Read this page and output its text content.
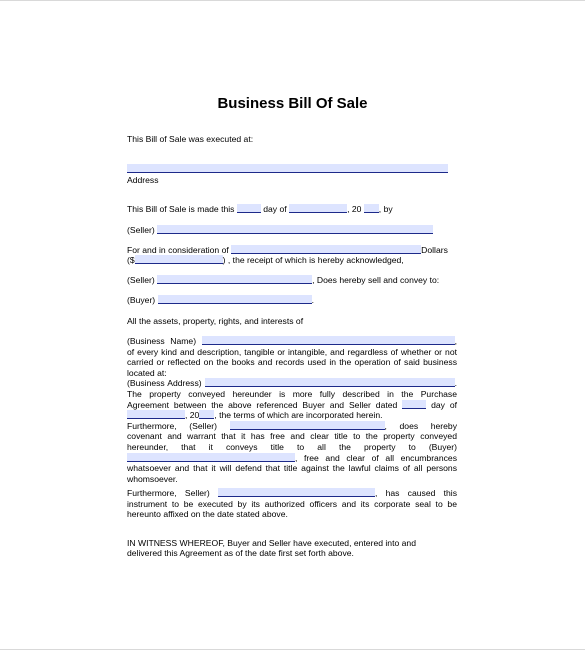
Business Bill Of Sale
This Bill of Sale was executed at:
Address
This Bill of Sale is made this	day of	, 20 , by
(Seller)
For and in consideration of	Dollars
($	) , the receipt of which is hereby acknowledged,
(Seller)	, Does hereby sell and convey to:
(Buyer)	.
All the assets, property, rights, and interests of
(Business Name)	,
of every kind and description, tangible or intangible, and regardless of whether or not
carried or reflected on the books and records used in the operation of said business
located at:
(Business Address)	.
The property conveyed hereunder is more fully described in the Purchase
Agreement between the above referenced Buyer and Seller dated	day of
, 20 , the terms of which are incorporated herein.
Furthermore, (Seller)	, does hereby
covenant and warrant that it has free and clear title to the property conveyed
hereunder, that it conveys title to all the property to (Buyer)
, free and clear of all encumbrances
whatsoever and that it will defend that title against the lawful claims of all persons
whomsoever.
Furthermore, Seller)	, has caused this
instrument to be executed by its authorized officers and its corporate seal to be
hereunto affixed on the date stated above.
IN WITNESS WHEREOF, Buyer and Seller have executed, entered into and
delivered this Agreement as of the date first set forth above.
